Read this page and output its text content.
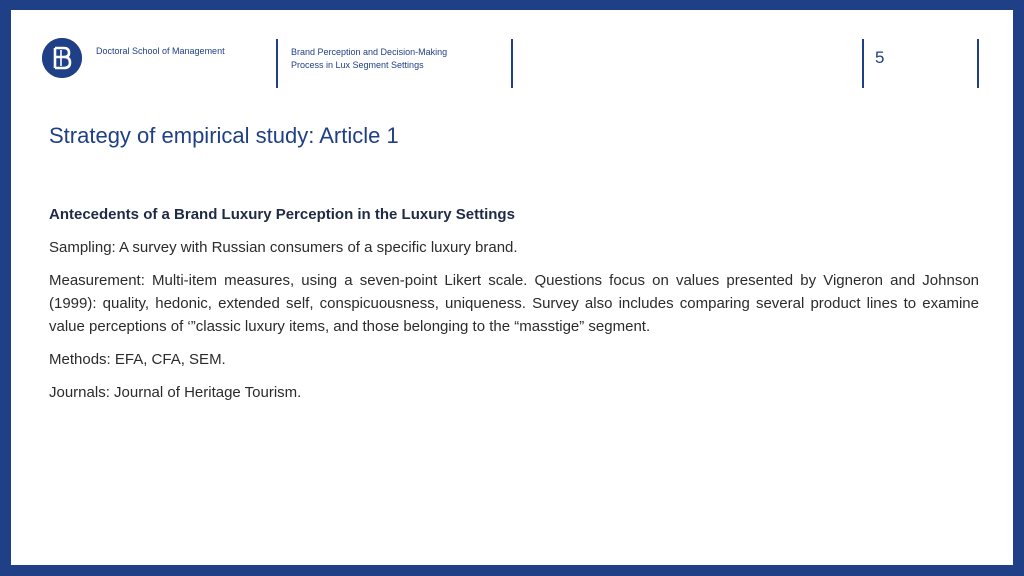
Doctoral School of Management	Brand Perception and Decision-Making
Process in Lux Segment Settings	5
Strategy of empirical study: Article 1

Antecedents of a Brand Luxury Perception in the Luxury Settings

Sampling: A survey with Russian consumers of a specific luxury brand.

Measurement: Multi-item measures, using a seven-point Likert scale. Questions focus on values presented by Vigneron and Johnson (1999): quality, hedonic, extended self, conspicuousness, uniqueness. Survey also includes comparing several product lines to examine value perceptions of ‘”classic luxury items, and those belonging to the “masstige” segment.

Methods: EFA, CFA, SEM.

Journals: Journal of Heritage Tourism.
